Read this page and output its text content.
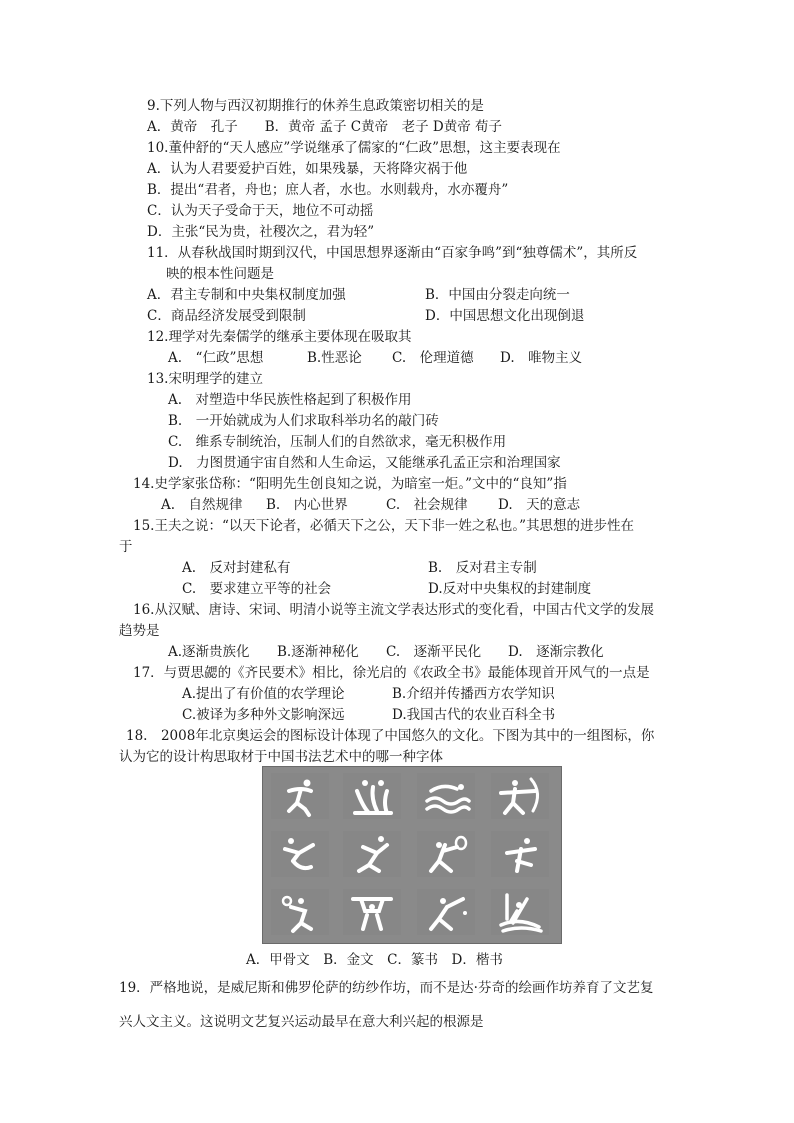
9.下列人物与西汉初期推行的休养生息政策密切相关的是
A．黄帝　孔子　　B．黄帝 孟子 C黄帝　老子 D黄帝 荀子
10.董仲舒的“天人感应”学说继承了儒家的“仁政”思想，这主要表现在
A．认为人君要爱护百姓，如果残暴，天将降灾祸于他
B．提出“君者，舟也；庶人者，水也。水则载舟，水亦覆舟”
C．认为天子受命于天，地位不可动摇
D．主张“民为贵，社稷次之，君为轻”
11．从春秋战国时期到汉代，中国思想界逐渐由“百家争鸣”到“独尊儒术”，其所反
映的根本性问题是
A．君主专制和中央集权制度加强	B．中国由分裂走向统一
C．商品经济发展受到限制	D．中国思想文化出现倒退
12.理学对先秦儒学的继承主要体现在吸取其
A.　“仁政”思想	B.性恶论 C.　伦理道德 D.　唯物主义
13.宋明理学的建立
A.　对塑造中华民族性格起到了积极作用
B.　一开始就成为人们求取科举功名的敲门砖
C.　维系专制统治，压制人们的自然欲求，毫无积极作用
D.　力图贯通宇宙自然和人生命运，又能继承孔孟正宗和治理国家
14.史学家张岱称：“阳明先生创良知之说，为暗室一炬。”文中的“良知”指
A.　自然规律 B.　内心世界	C.　社会规律 D.　天的意志
15.王夫之说：“以天下论者，必循天下之公，天下非一姓之私也。”其思想的进步性在
于
A.　反对封建私有	B.　反对君主专制
C.　要求建立平等的社会	D.反对中央集权的封建制度
16.从汉赋、唐诗、宋词、明清小说等主流文学表达形式的变化看，中国古代文学的发展
趋势是
A.逐渐贵族化 B.逐渐神秘化 C.　逐渐平民化 D.　逐渐宗教化
17．与贾思勰的《齐民要术》相比，徐光启的《农政全书》最能体现首开风气的一点是
A.提出了有价值的农学理论	B.介绍并传播西方农学知识
C.被译为多种外文影响深远	D.我国古代的农业百科全书
18.　2008年北京奥运会的图标设计体现了中国悠久的文化。下图为其中的一组图标，你
认为它的设计构思取材于中国书法艺术中的哪一种字体
A．甲骨文　B．金文　C．篆书　D．楷书
19．严格地说，是威尼斯和佛罗伦萨的纺纱作坊，而不是达·芬奇的绘画作坊养育了文艺复
兴人文主义。这说明文艺复兴运动最早在意大利兴起的根源是
